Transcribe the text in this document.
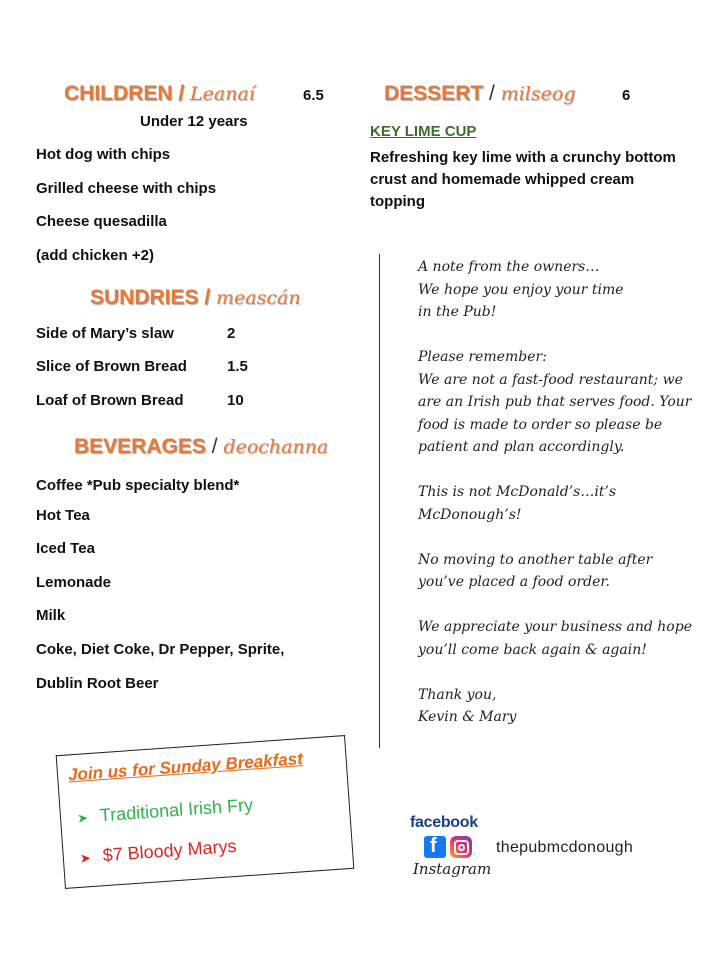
CHILDREN / Leanaí	6.5
Under 12 years
Hot dog with chips
Grilled cheese with chips
Cheese quesadilla
(add chicken +2)
SUNDRIES / meascán
Side of Mary’s slaw	2
Slice of Brown Bread	1.5
Loaf of Brown Bread	10
BEVERAGES / deochanna
Coffee *Pub specialty blend*
Hot Tea
Iced Tea
Lemonade
Milk
Coke, Diet Coke, Dr Pepper, Sprite,
Dublin Root Beer
DESSERT / milseog	6
KEY LIME CUP
Refreshing key lime with a crunchy bottom
crust and homemade whipped cream
topping

A note from the owners…

We hope you enjoy your time

in the Pub!

Please remember:

We are not a fast-food restaurant; we

are an Irish pub that serves food. Your

food is made to order so please be

patient and plan accordingly.

This is not McDonald’s…it’s

McDonough’s!

No moving to another table after

you’ve placed a food order.

We appreciate your business and hope

you’ll come back again & again!

Thank you,

Kevin & Mary

Join us for Sunday Breakfast
➤ Traditional Irish Fry
➤ $7 Bloody Marys
facebook
f
Instagram
thepubmcdonough
